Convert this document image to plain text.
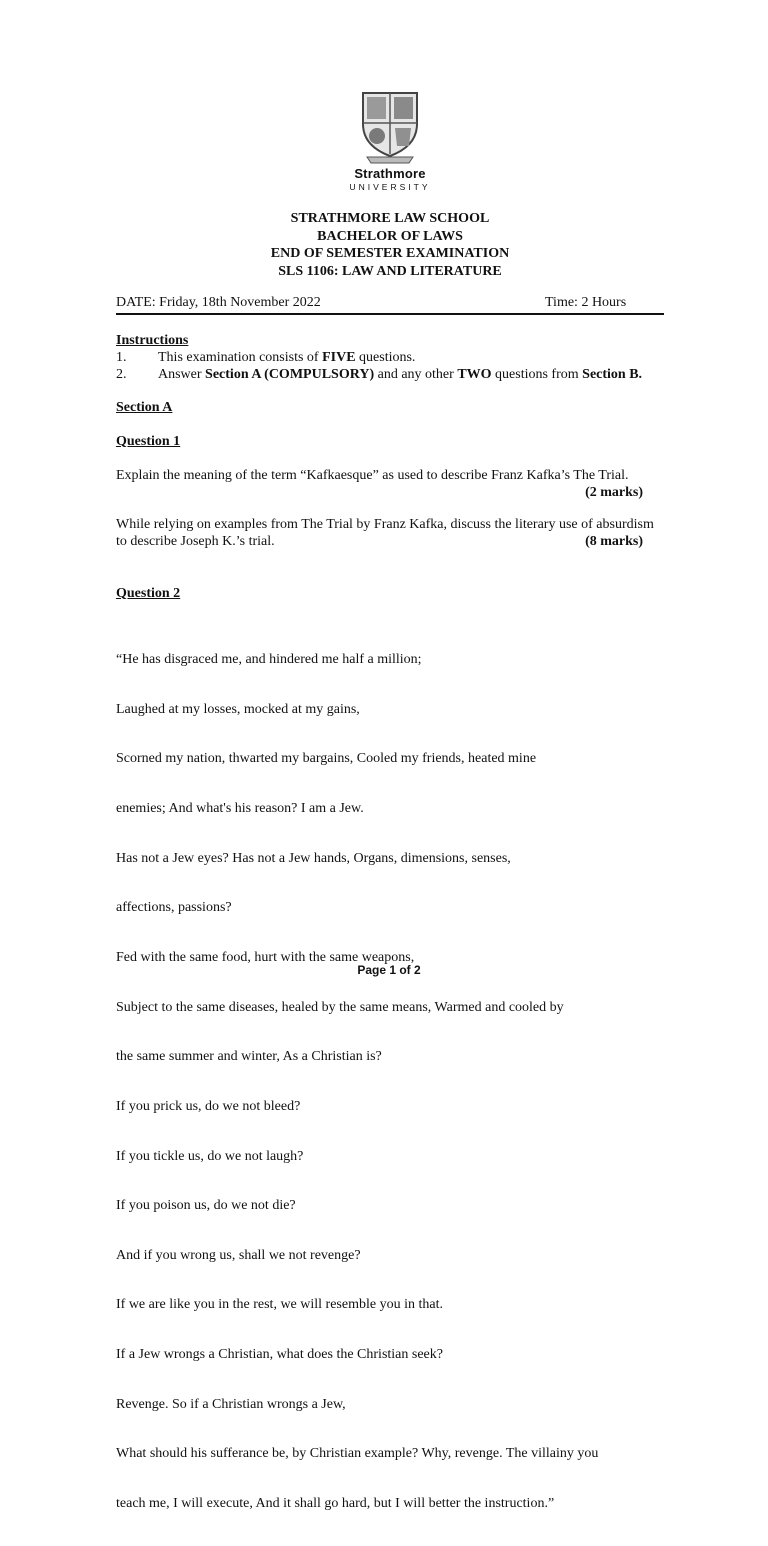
Strathmore
UNIVERSITY
STRATHMORE LAW SCHOOL
BACHELOR OF LAWS
END OF SEMESTER EXAMINATION
SLS 1106: LAW AND LITERATURE
DATE: Friday, 18th November 2022	Time: 2 Hours
Instructions
1. This examination consists of FIVE questions.
2. Answer Section A (COMPULSORY) and any other TWO questions from Section B.
Section A
Question 1
Explain the meaning of the term “Kafkaesque” as used to describe Franz Kafka’s The Trial.
(2 marks)
While relying on examples from The Trial by Franz Kafka, discuss the literary use of absurdism
to describe Joseph K.’s trial.	(8 marks)
Question 2

“He has disgraced me, and hindered me half a million;

Laughed at my losses, mocked at my gains,

Scorned my nation, thwarted my bargains, Cooled my friends, heated mine

enemies; And what's his reason? I am a Jew.

Has not a Jew eyes? Has not a Jew hands, Organs, dimensions, senses,

affections, passions?

Fed with the same food, hurt with the same weapons,

Subject to the same diseases, healed by the same means, Warmed and cooled by

the same summer and winter, As a Christian is?

If you prick us, do we not bleed?

If you tickle us, do we not laugh?

If you poison us, do we not die?

And if you wrong us, shall we not revenge?

If we are like you in the rest, we will resemble you in that.

If a Jew wrongs a Christian, what does the Christian seek?

Revenge. So if a Christian wrongs a Jew,

What should his sufferance be, by Christian example? Why, revenge. The villainy you

teach me, I will execute, And it shall go hard, but I will better the instruction.”

Page 1 of 2
